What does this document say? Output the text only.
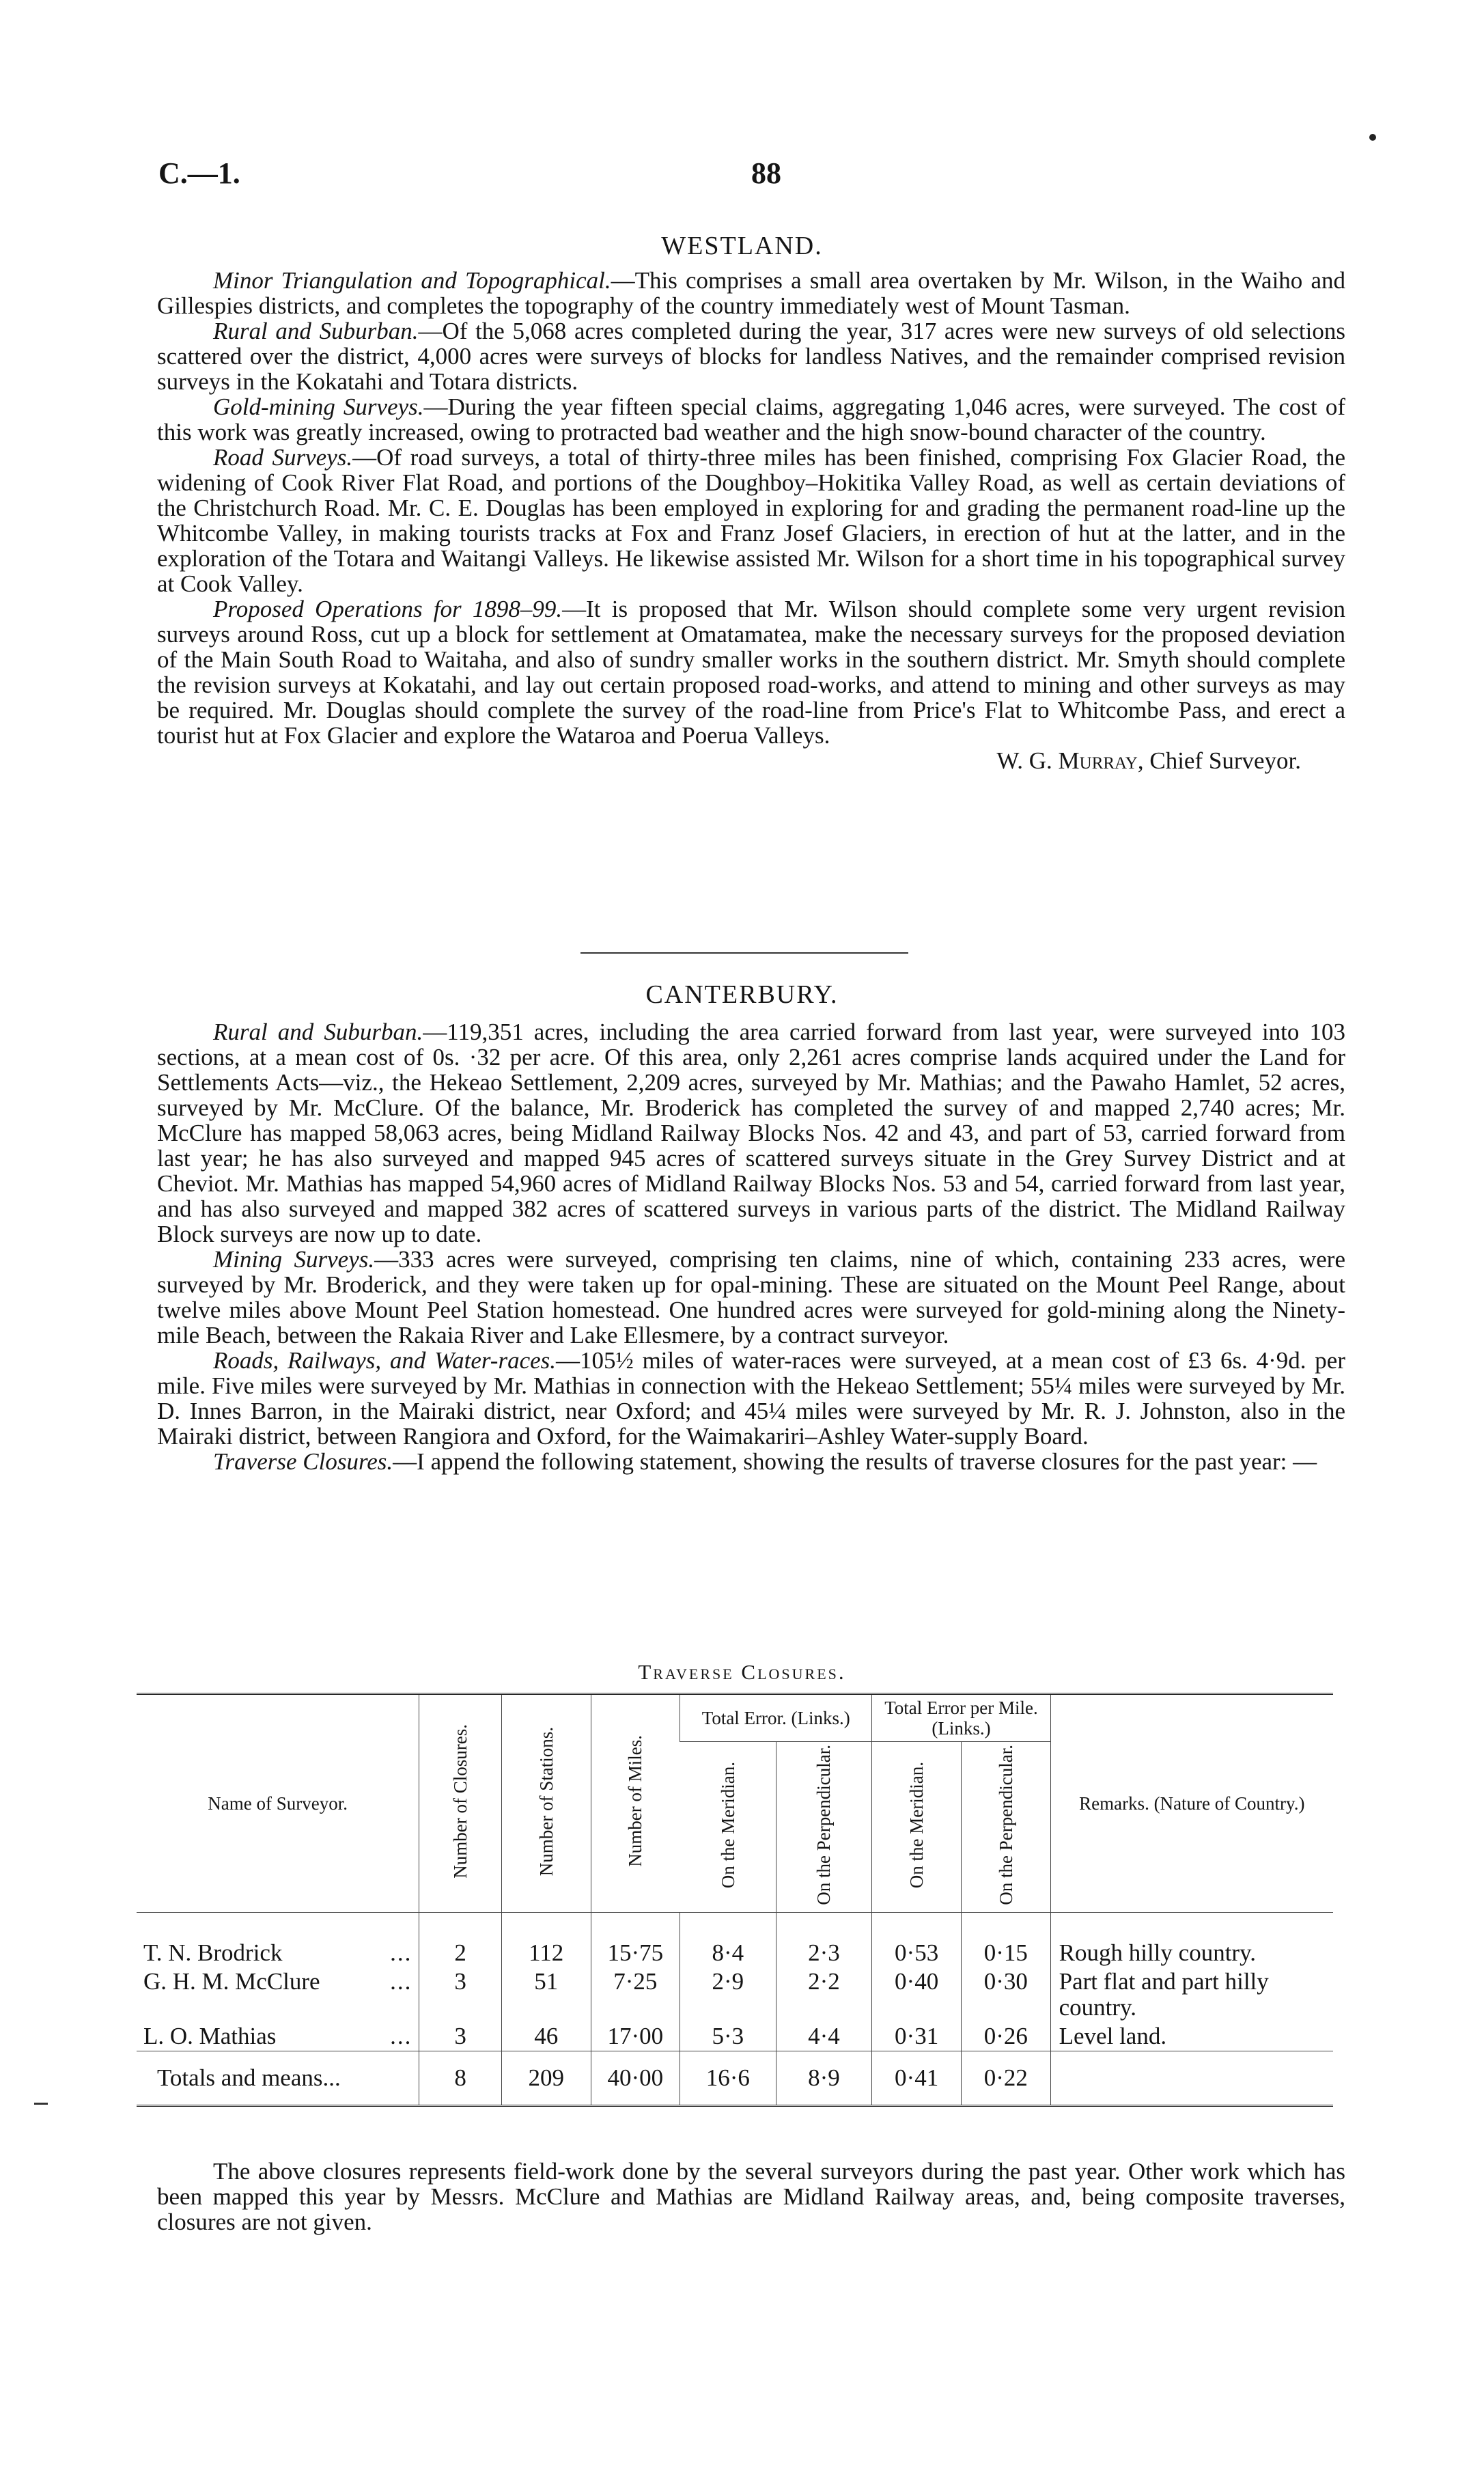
C.—1.	88
WESTLAND.

Minor Triangulation and Topographical.—This comprises a small area overtaken by Mr. Wilson, in the Waiho and Gillespies districts, and completes the topography of the country immediately west of Mount Tasman.

Rural and Suburban.—Of the 5,068 acres completed during the year, 317 acres were new surveys of old selections scattered over the district, 4,000 acres were surveys of blocks for landless Natives, and the remainder comprised revision surveys in the Kokatahi and Totara districts.

Gold-mining Surveys.—During the year fifteen special claims, aggregating 1,046 acres, were surveyed. The cost of this work was greatly increased, owing to protracted bad weather and the high snow-bound character of the country.

Road Surveys.—Of road surveys, a total of thirty-three miles has been finished, comprising Fox Glacier Road, the widening of Cook River Flat Road, and portions of the Doughboy–Hokitika Valley Road, as well as certain deviations of the Christchurch Road. Mr. C. E. Douglas has been employed in exploring for and grading the permanent road-line up the Whitcombe Valley, in making tourists tracks at Fox and Franz Josef Glaciers, in erection of hut at the latter, and in the exploration of the Totara and Waitangi Valleys. He likewise assisted Mr. Wilson for a short time in his topographical survey at Cook Valley.

Proposed Operations for 1898–99.—It is proposed that Mr. Wilson should complete some very urgent revision surveys around Ross, cut up a block for settlement at Omatamatea, make the necessary surveys for the proposed deviation of the Main South Road to Waitaha, and also of sundry smaller works in the southern district. Mr. Smyth should complete the revision surveys at Kokatahi, and lay out certain proposed road-works, and attend to mining and other surveys as may be required. Mr. Douglas should complete the survey of the road-line from Price's Flat to Whitcombe Pass, and erect a tourist hut at Fox Glacier and explore the Wataroa and Poerua Valleys.

W. G. Murray, Chief Surveyor.

CANTERBURY.

Rural and Suburban.—119,351 acres, including the area carried forward from last year, were surveyed into 103 sections, at a mean cost of 0s. ·32 per acre. Of this area, only 2,261 acres comprise lands acquired under the Land for Settlements Acts—viz., the Hekeao Settlement, 2,209 acres, surveyed by Mr. Mathias; and the Pawaho Hamlet, 52 acres, surveyed by Mr. McClure. Of the balance, Mr. Broderick has completed the survey of and mapped 2,740 acres; Mr. McClure has mapped 58,063 acres, being Midland Railway Blocks Nos. 42 and 43, and part of 53, carried forward from last year; he has also surveyed and mapped 945 acres of scattered surveys situate in the Grey Survey District and at Cheviot. Mr. Mathias has mapped 54,960 acres of Midland Railway Blocks Nos. 53 and 54, carried forward from last year, and has also surveyed and mapped 382 acres of scattered surveys in various parts of the district. The Midland Railway Block surveys are now up to date.

Mining Surveys.—333 acres were surveyed, comprising ten claims, nine of which, containing 233 acres, were surveyed by Mr. Broderick, and they were taken up for opal-mining. These are situated on the Mount Peel Range, about twelve miles above Mount Peel Station homestead. One hundred acres were surveyed for gold-mining along the Ninety-mile Beach, between the Rakaia River and Lake Ellesmere, by a contract surveyor.

Roads, Railways, and Water-races.—105½ miles of water-races were surveyed, at a mean cost of £3 6s. 4·9d. per mile. Five miles were surveyed by Mr. Mathias in connection with the Hekeao Settlement; 55¼ miles were surveyed by Mr. D. Innes Barron, in the Mairaki district, near Oxford; and 45¼ miles were surveyed by Mr. R. J. Johnston, also in the Mairaki district, between Rangiora and Oxford, for the Waimakariri–Ashley Water-supply Board.

Traverse Closures.—I append the following statement, showing the results of traverse closures for the past year: —

Traverse Closures.
Name of Surveyor.	Number of Closures.	Number of Stations.	Number of Miles.	Total Error. (Links.)		Total Error per Mile. (Links.)		Remarks. (Nature of Country.)
				On the Meridian.	On the Perpendicular.	On the Meridian.	On the Perpendicular.	
T. N. Brodrick ...	2	112	15·75	8·4	2·3	0·53	0·15	Rough hilly country.
G. H. M. McClure ...	3	51	7·25	2·9	2·2	0·40	0·30	Part flat and part hilly country.
L. O. Mathias ...	3	46	17·00	5·3	4·4	0·31	0·26	Level land.
Totals and means...	8	209	40·00	16·6	8·9	0·41	0·22	

The above closures represents field-work done by the several surveyors during the past year. Other work which has been mapped this year by Messrs. McClure and Mathias are Midland Railway areas, and, being composite traverses, closures are not given.
